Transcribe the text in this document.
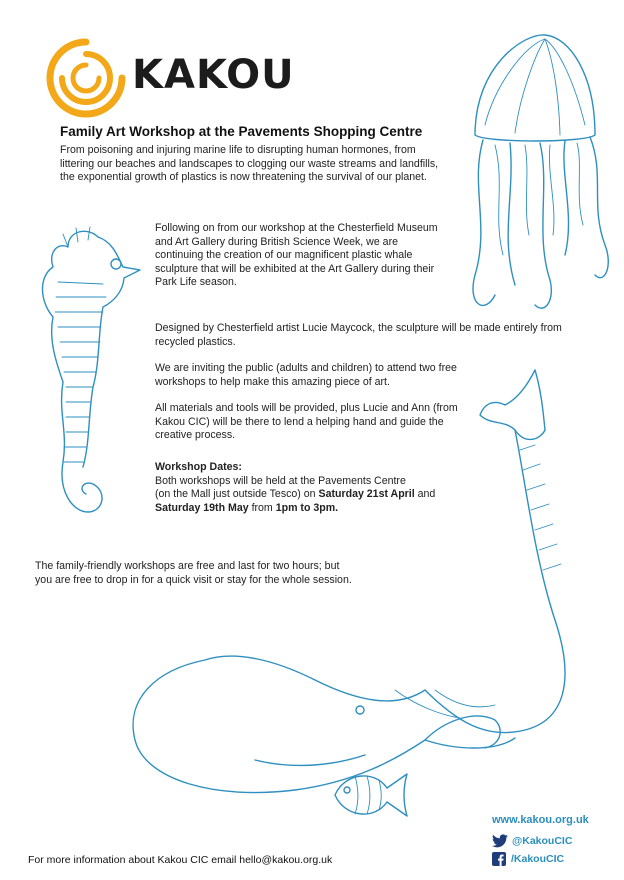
KAKOU
Family Art Workshop at the Pavements Shopping Centre
From poisoning and injuring marine life to disrupting human hormones, from littering our beaches and landscapes to clogging our waste streams and landfills, the exponential growth of plastics is now threatening the survival of our planet.
Following on from our workshop at the Chesterfield Museum and Art Gallery during British Science Week, we are continuing the creation of our magnificent plastic whale sculpture that will be exhibited at the Art Gallery during their Park Life season.
Designed by Chesterfield artist Lucie Maycock, the sculpture will be made entirely from recycled plastics.
We are inviting the public (adults and children) to attend two free workshops to help make this amazing piece of art.
All materials and tools will be provided, plus Lucie and Ann (from Kakou CIC) will be there to lend a helping hand and guide the creative process.
Workshop Dates:
Both workshops will be held at the Pavements Centre
(on the Mall just outside Tesco) on Saturday 21st April and
Saturday 19th May from 1pm to 3pm.
The family-friendly workshops are free and last for two hours; but you are free to drop in for a quick visit or stay for the whole session.
www.kakou.org.uk
@KakouCIC
/KakouCIC
For more information about Kakou CIC email hello@kakou.org.uk
